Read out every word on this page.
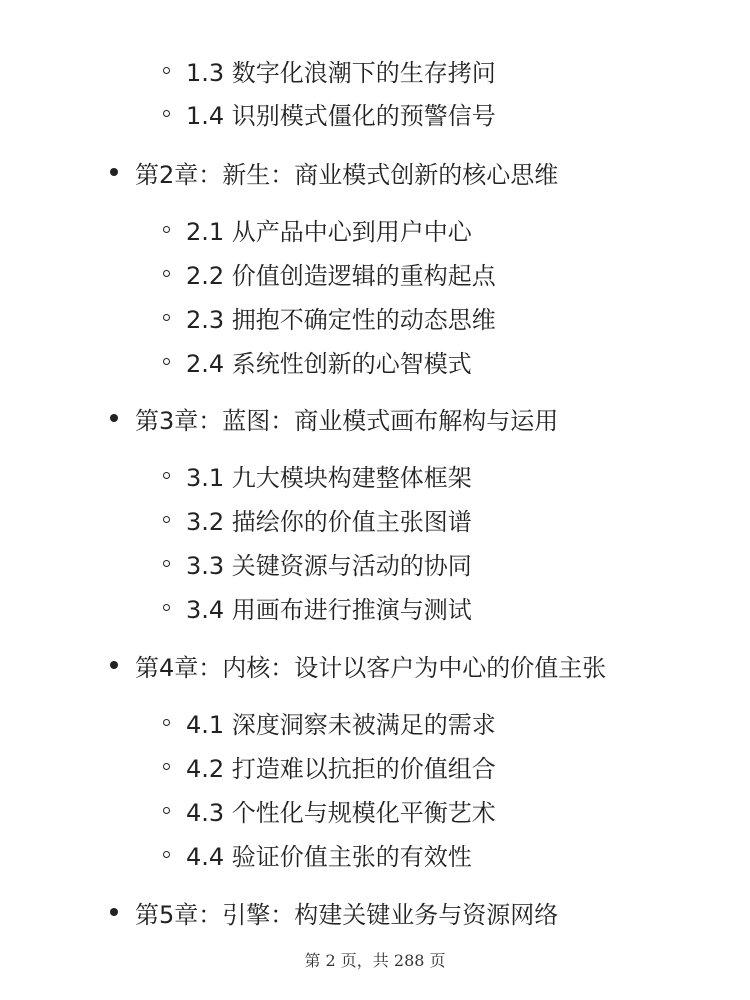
1.3 数字化浪潮下的生存拷问
1.4 识别模式僵化的预警信号
第2章：新生：商业模式创新的核心思维
2.1 从产品中心到用户中心
2.2 价值创造逻辑的重构起点
2.3 拥抱不确定性的动态思维
2.4 系统性创新的心智模式
第3章：蓝图：商业模式画布解构与运用
3.1 九大模块构建整体框架
3.2 描绘你的价值主张图谱
3.3 关键资源与活动的协同
3.4 用画布进行推演与测试
第4章：内核：设计以客户为中心的价值主张
4.1 深度洞察未被满足的需求
4.2 打造难以抗拒的价值组合
4.3 个性化与规模化平衡艺术
4.4 验证价值主张的有效性
第5章：引擎：构建关键业务与资源网络
第 2 页，共 288 页
